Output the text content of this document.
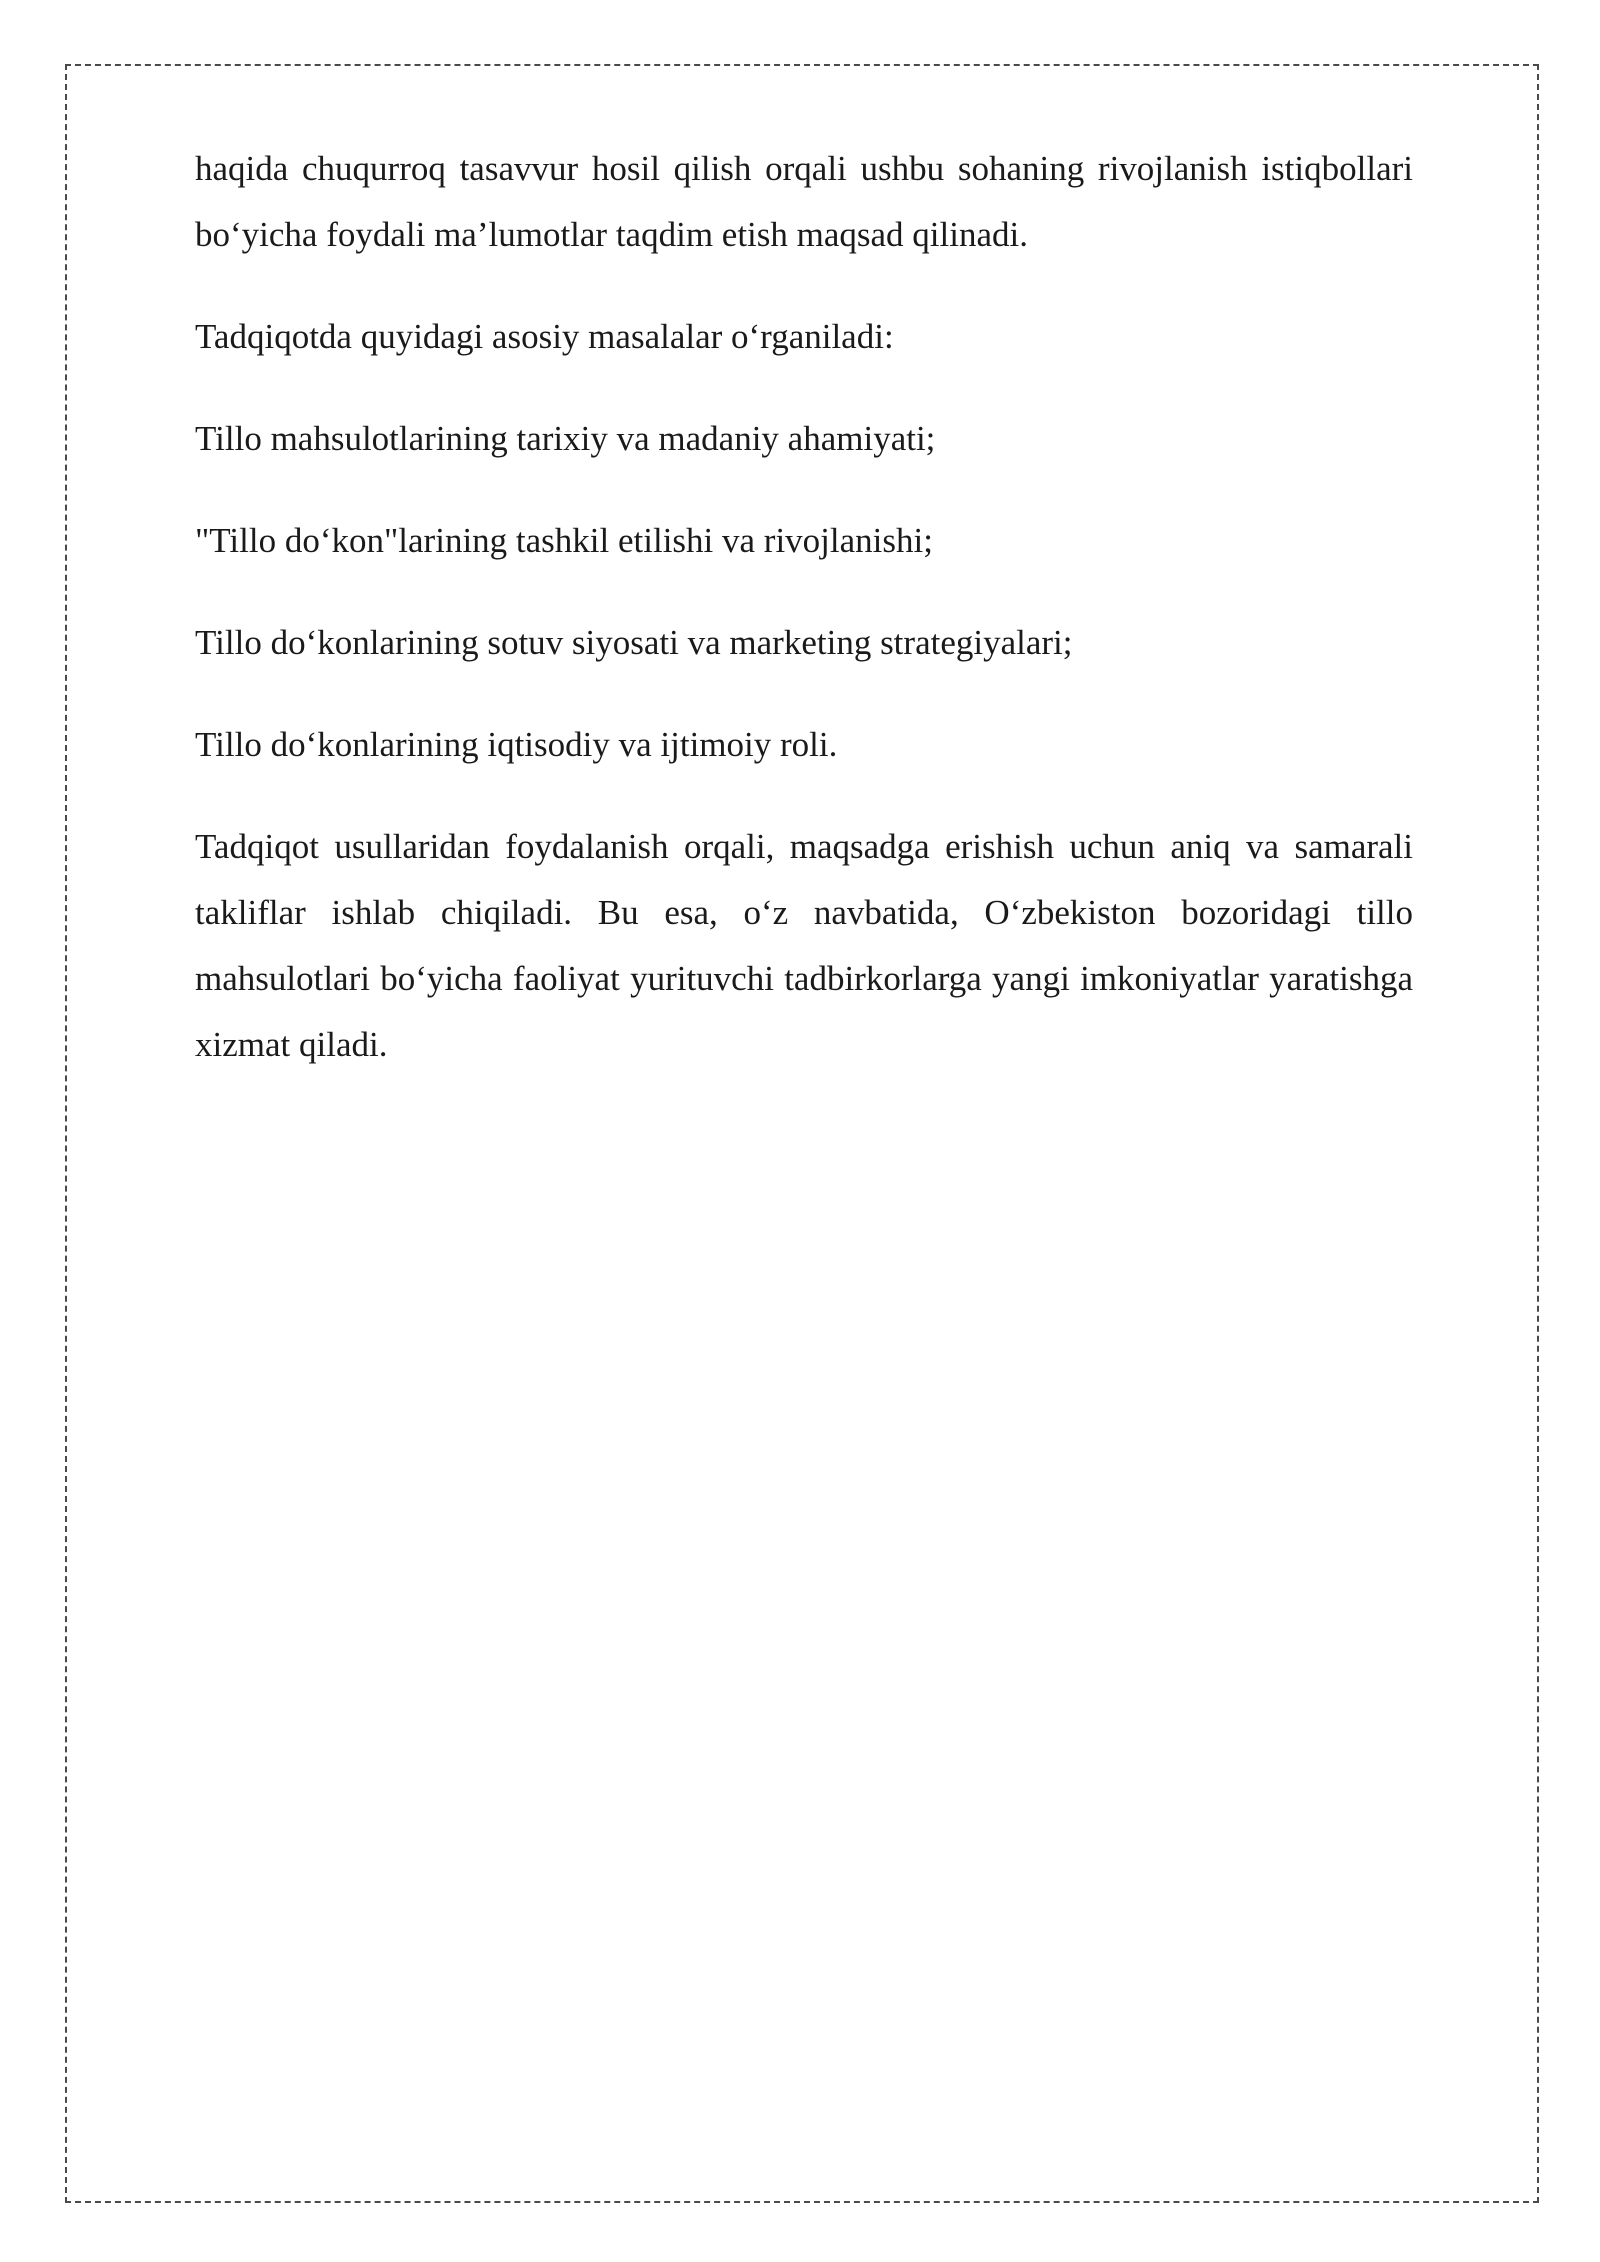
haqida chuqurroq tasavvur hosil qilish orqali ushbu sohaning rivojlanish istiqbollari bo‘yicha foydali ma’lumotlar taqdim etish maqsad qilinadi.

Tadqiqotda quyidagi asosiy masalalar o‘rganiladi:

Tillo mahsulotlarining tarixiy va madaniy ahamiyati;

"Tillo do‘kon"larining tashkil etilishi va rivojlanishi;

Tillo do‘konlarining sotuv siyosati va marketing strategiyalari;

Tillo do‘konlarining iqtisodiy va ijtimoiy roli.

Tadqiqot usullaridan foydalanish orqali, maqsadga erishish uchun aniq va samarali takliflar ishlab chiqiladi. Bu esa, o‘z navbatida, O‘zbekiston bozoridagi tillo mahsulotlari bo‘yicha faoliyat yurituvchi tadbirkorlarga yangi imkoniyatlar yaratishga xizmat qiladi.
